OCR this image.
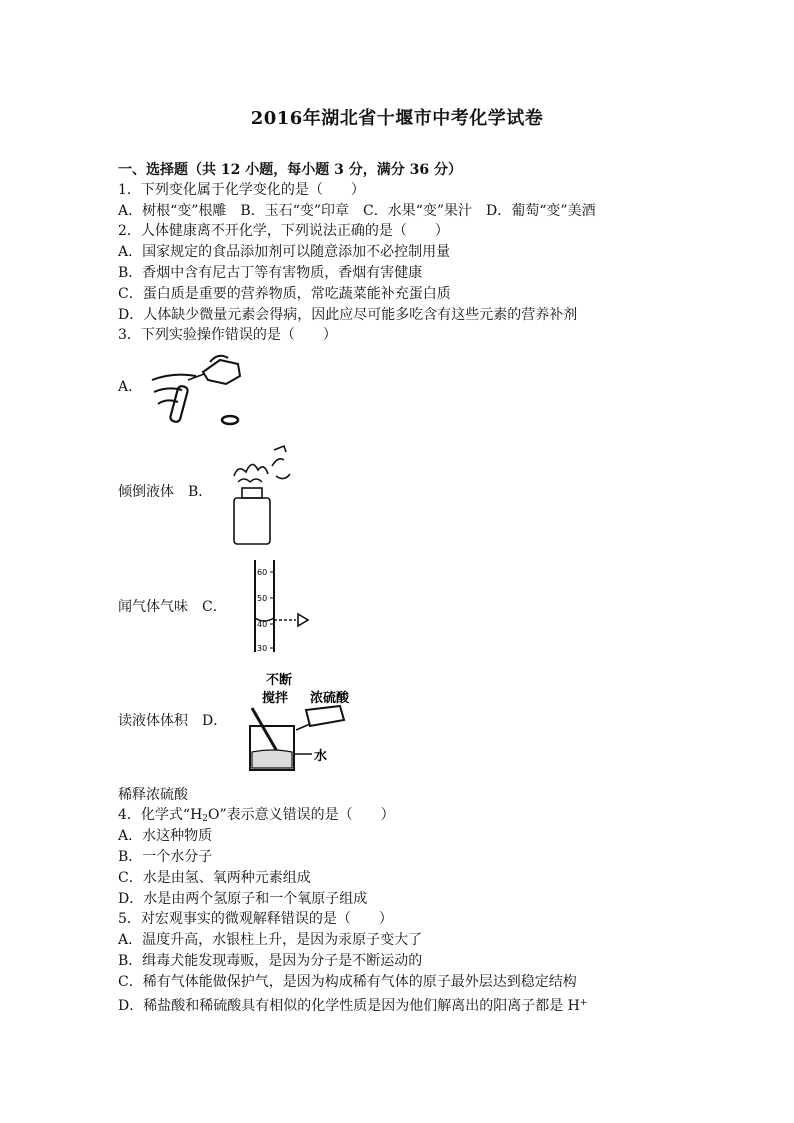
2016年湖北省十堰市中考化学试卷
一、选择题（共 12 小题，每小题 3 分，满分 36 分）
1．下列变化属于化学变化的是（　　）
A．树根“变”根雕　B．玉石“变”印章　C．水果“变”果汁　D．葡萄“变”美酒
2．人体健康离不开化学，下列说法正确的是（　　）
A．国家规定的食品添加剂可以随意添加不必控制用量
B．香烟中含有尼古丁等有害物质，香烟有害健康
C．蛋白质是重要的营养物质，常吃蔬菜能补充蛋白质
D．人体缺少微量元素会得病，因此应尽可能多吃含有这些元素的营养补剂
3．下列实验操作错误的是（　　）
A．
倾倒液体　B．
闻气体气味　C．
60
50
40
30
读液体体积　D．
不断
搅拌 浓硫酸
水
稀释浓硫酸
4．化学式“$H_2O$”表示意义错误的是（　　）
A．水这种物质
B．一个水分子
C．水是由氢、氧两种元素组成
D．水是由两个氢原子和一个氧原子组成
5．对宏观事实的微观解释错误的是（　　）
A．温度升高，水银柱上升，是因为汞原子变大了
B．缉毒犬能发现毒贩，是因为分子是不断运动的
C．稀有气体能做保护气，是因为构成稀有气体的原子最外层达到稳定结构
D．稀盐酸和稀硫酸具有相似的化学性质是因为他们解离出的阳离子都是 H+
